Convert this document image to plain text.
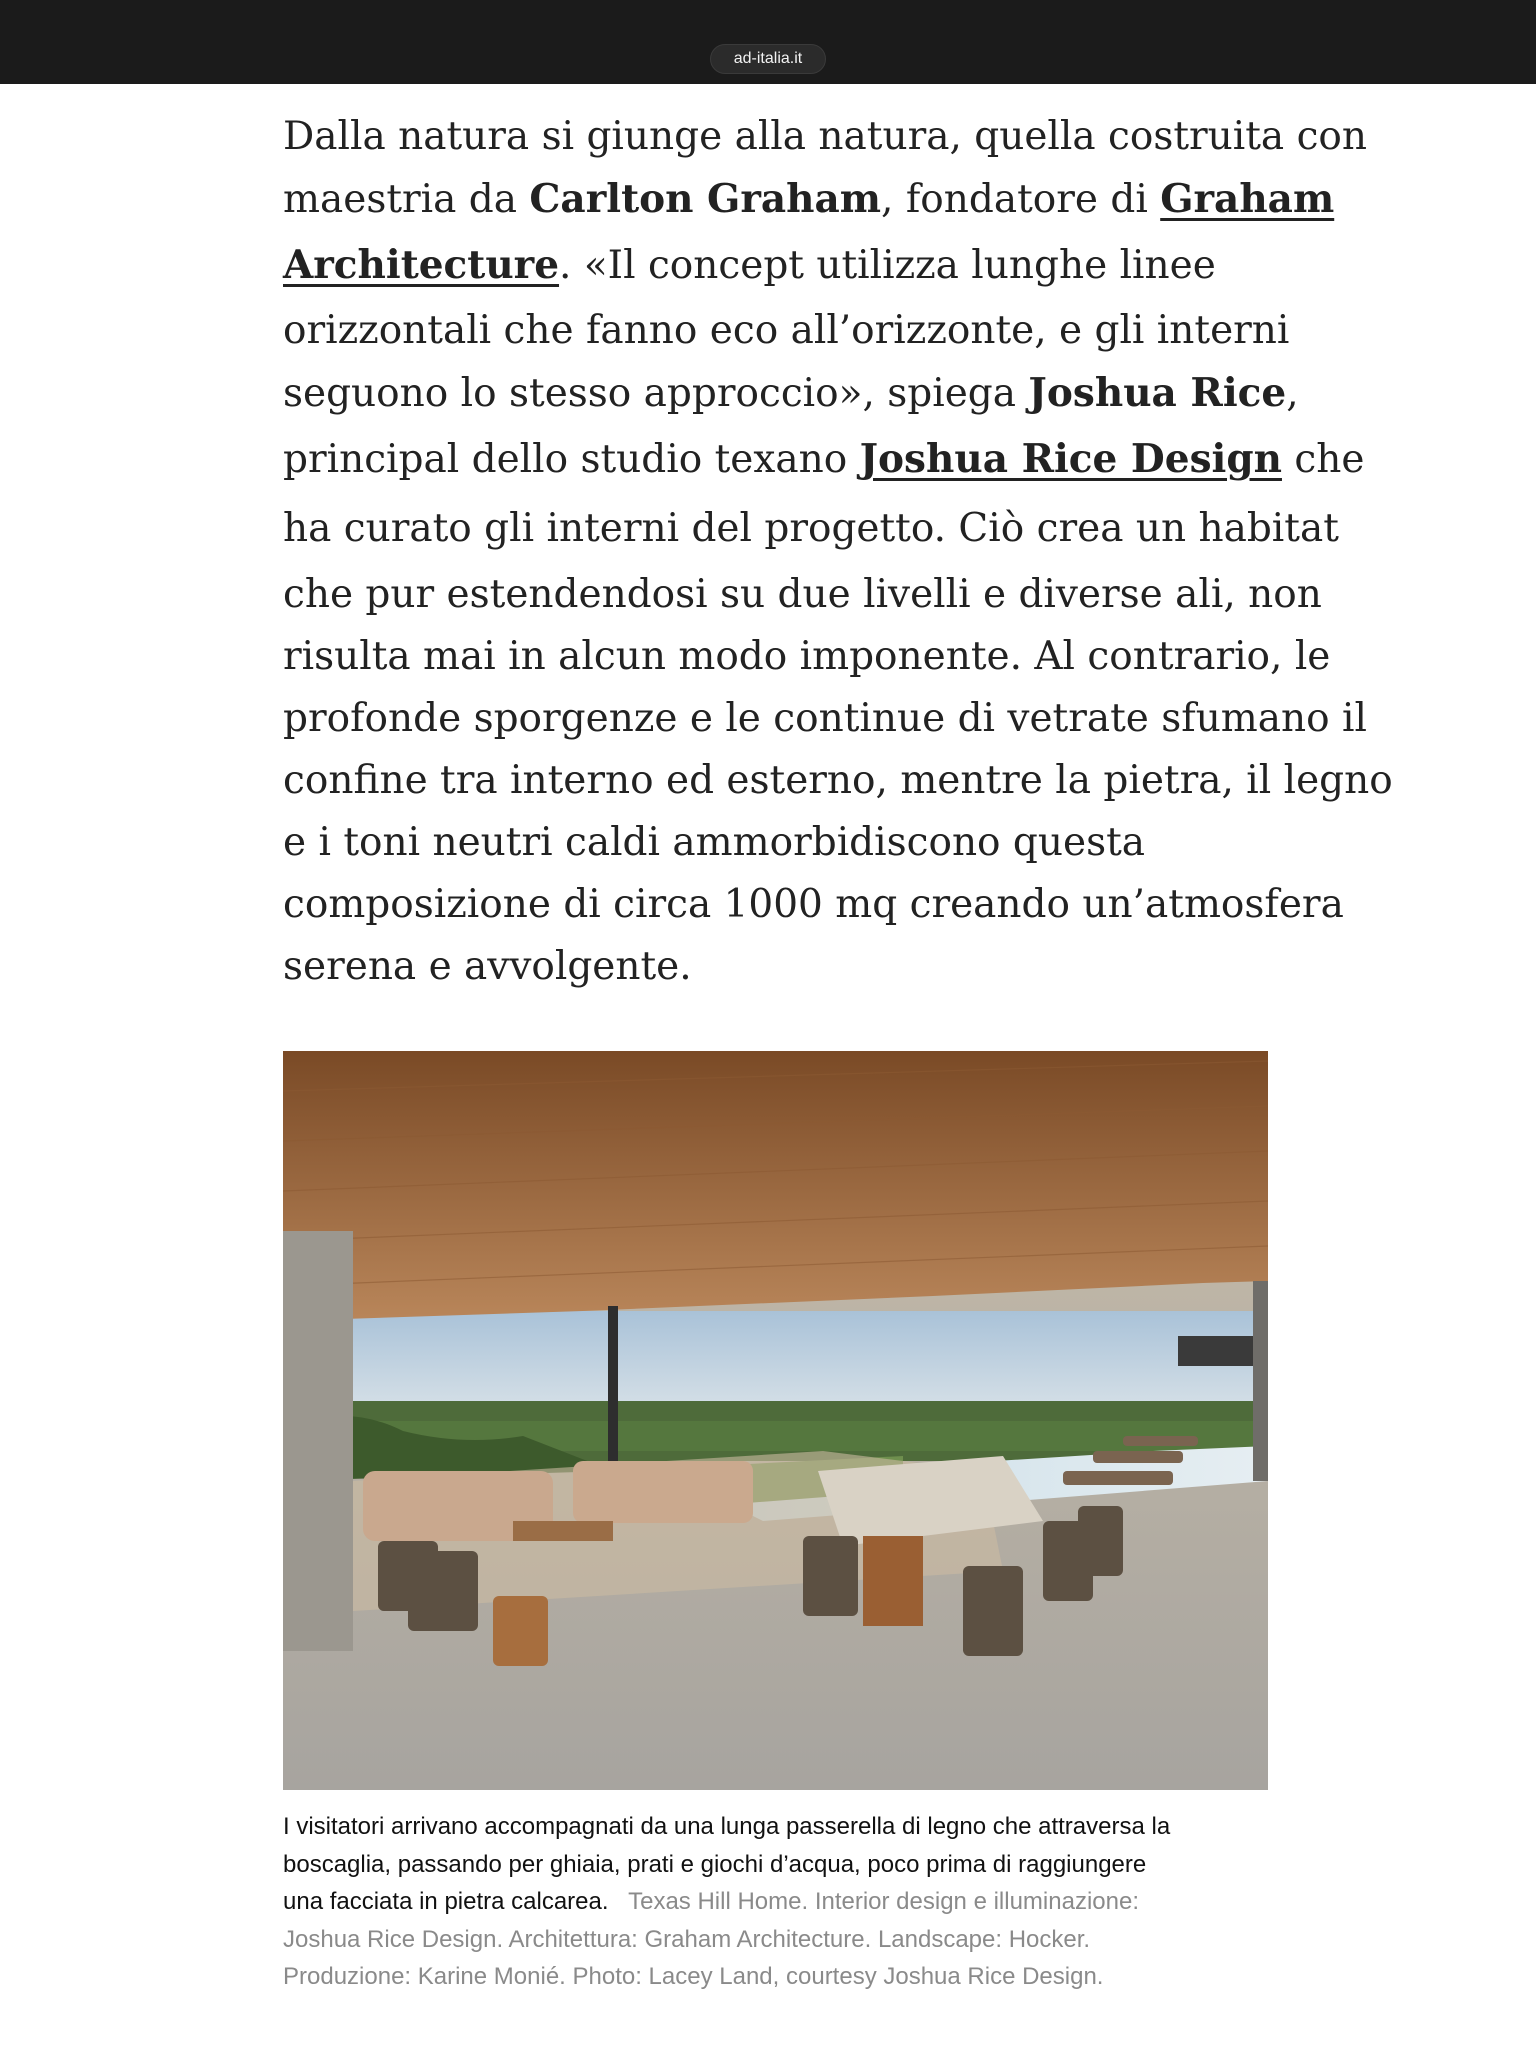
ad-italia.it
Dalla natura si giunge alla natura, quella costruita con
maestria da Carlton Graham, fondatore di Graham
Architecture. «Il concept utilizza lunghe linee
orizzontali che fanno eco all’orizzonte, e gli interni
seguono lo stesso approccio», spiega Joshua Rice,
principal dello studio texano Joshua Rice Design che
ha curato gli interni del progetto. Ciò crea un habitat
che pur estendendosi su due livelli e diverse ali, non
risulta mai in alcun modo imponente. Al contrario, le
profonde sporgenze e le continue di vetrate sfumano il
confine tra interno ed esterno, mentre la pietra, il legno
e i toni neutri caldi ammorbidiscono questa
composizione di circa 1000 mq creando un’atmosfera
serena e avvolgente.
I visitatori arrivano accompagnati da una lunga passerella di legno che attraversa la
boscaglia, passando per ghiaia, prati e giochi d’acqua, poco prima di raggiungere
una facciata in pietra calcarea.   Texas Hill Home. Interior design e illuminazione:
Joshua Rice Design. Architettura: Graham Architecture. Landscape: Hocker.
Produzione: Karine Monié. Photo: Lacey Land, courtesy Joshua Rice Design.
